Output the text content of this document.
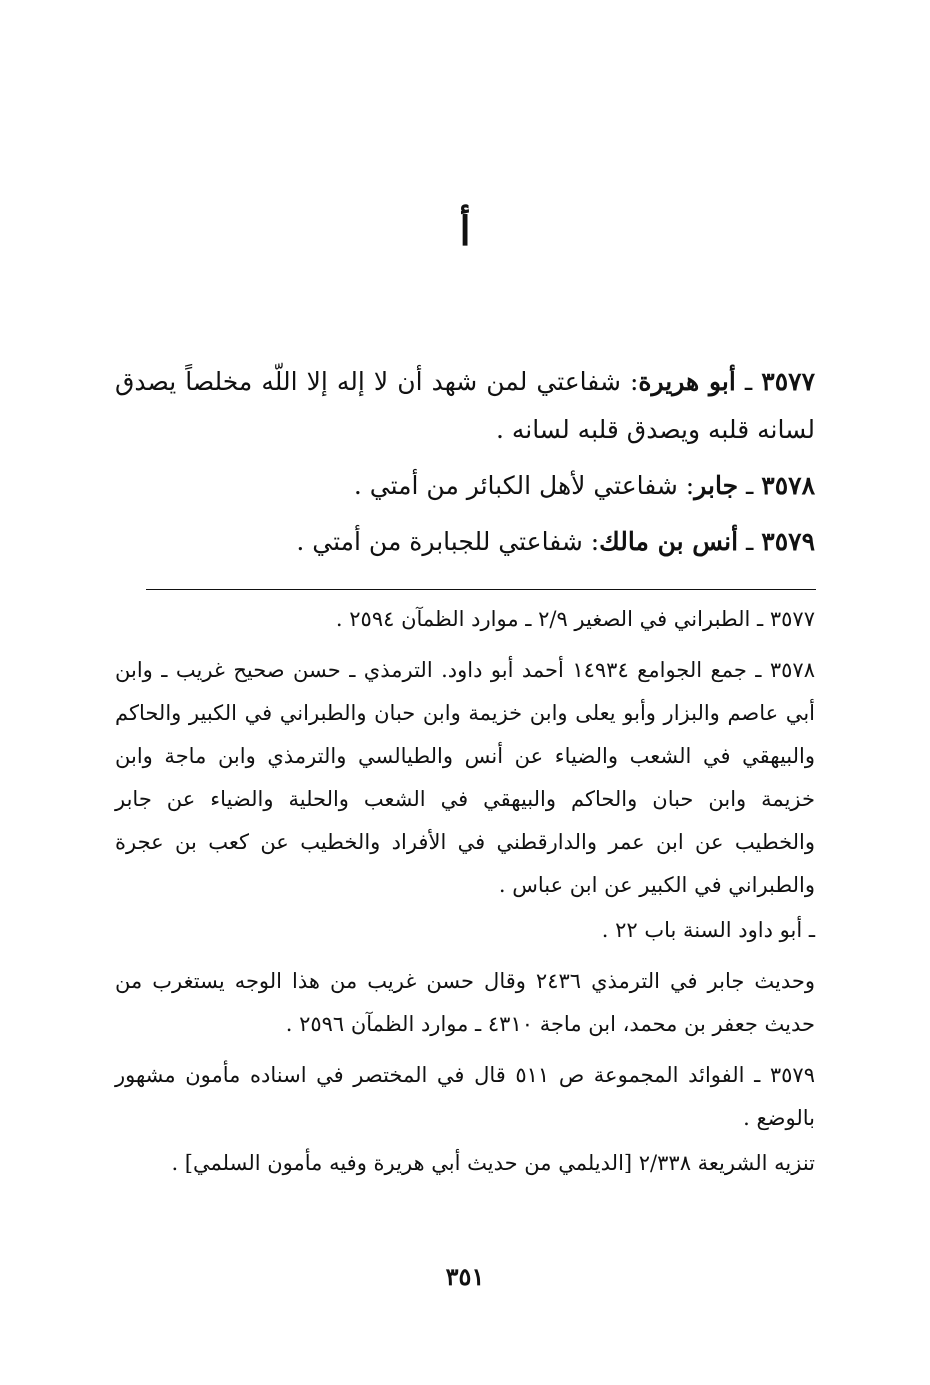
أ

٣٥٧٧ ـ أبو هريرة: شفاعتي لمن شهد أن لا إله إلا اللّه مخلصاً يصدق لسانه قلبه ويصدق قلبه لسانه .

٣٥٧٨ ـ جابر: شفاعتي لأهل الكبائر من أمتي .

٣٥٧٩ ـ أنس بن مالك: شفاعتي للجبابرة من أمتي .

٣٥٧٧ ـ الطبراني في الصغير ٢/٩ ـ موارد الظمآن ٢٥٩٤ .

٣٥٧٨ ـ جمع الجوامع ١٤٩٣٤ أحمد أبو داود. الترمذي ـ حسن صحيح غريب ـ وابن أبي عاصم والبزار وأبو يعلى وابن خزيمة وابن حبان والطبراني في الكبير والحاكم والبيهقي في الشعب والضياء عن أنس والطيالسي والترمذي وابن ماجة وابن خزيمة وابن حبان والحاكم والبيهقي في الشعب والحلية والضياء عن جابر والخطيب عن ابن عمر والدارقطني في الأفراد والخطيب عن كعب بن عجرة والطبراني في الكبير عن ابن عباس .

ـ أبو داود السنة باب ٢٢ .

وحديث جابر في الترمذي ٢٤٣٦ وقال حسن غريب من هذا الوجه يستغرب من حديث جعفر بن محمد، ابن ماجة ٤٣١٠ ـ موارد الظمآن ٢٥٩٦ .

٣٥٧٩ ـ الفوائد المجموعة ص ٥١١ قال في المختصر في اسناده مأمون مشهور بالوضع .

تنزيه الشريعة ٢/٣٣٨ [الديلمي من حديث أبي هريرة وفيه مأمون السلمي] .

٣٥١
